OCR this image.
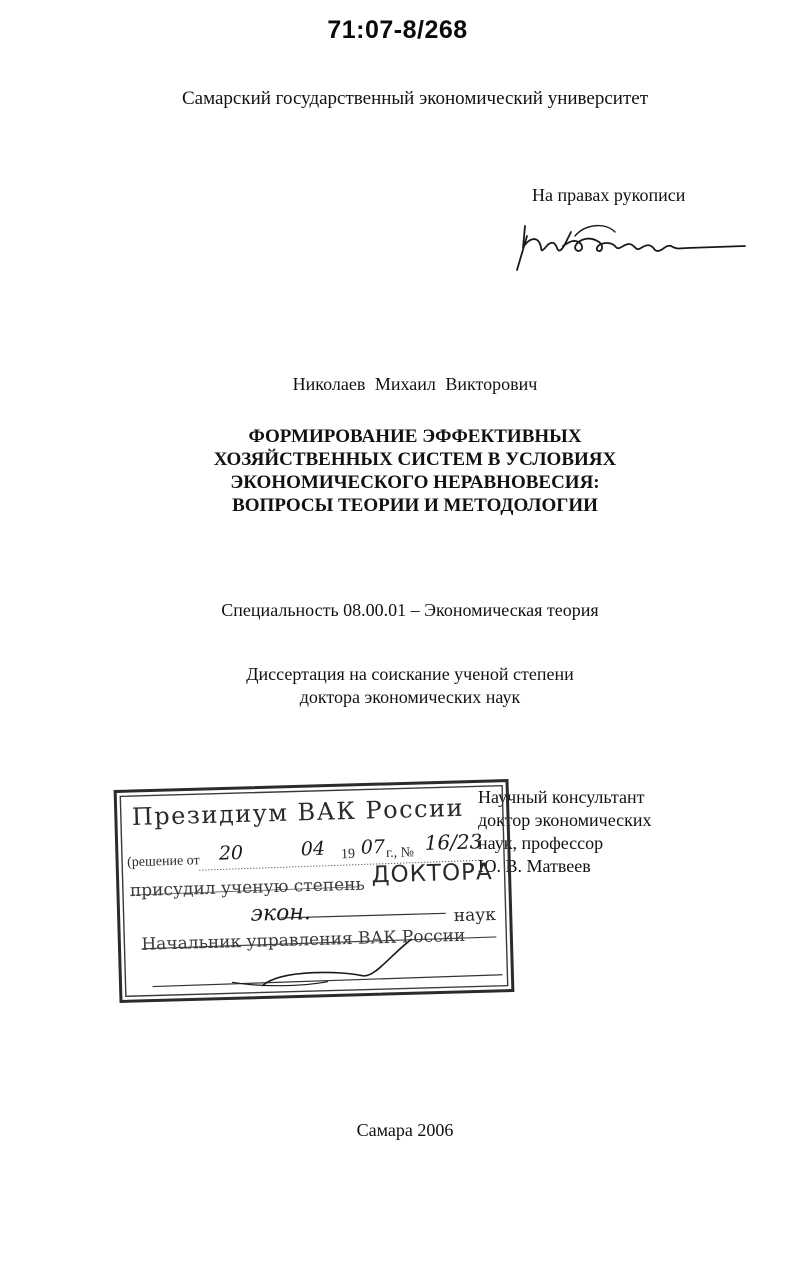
71:07-8/268
Самарский государственный экономический университет
На правах рукописи
Николаев Михаил Викторович
ФОРМИРОВАНИЕ ЭФФЕКТИВНЫХ
ХОЗЯЙСТВЕННЫХ СИСТЕМ В УСЛОВИЯХ
ЭКОНОМИЧЕСКОГО НЕРАВНОВЕСИЯ:
ВОПРОСЫ ТЕОРИИ И МЕТОДОЛОГИИ
Специальность 08.00.01 – Экономическая теория
Диссертация на соискание ученой степени
доктора экономических наук
Научный консультант
доктор экономических
наук, профессор
Ю. В. Матвеев
Президиум ВАК России
(решение от 20	04 19 07 г., № 16/23
присудил ученую степень ДОКТОРА
экон.	наук
Начальник управления ВАК России
Самара 2006
